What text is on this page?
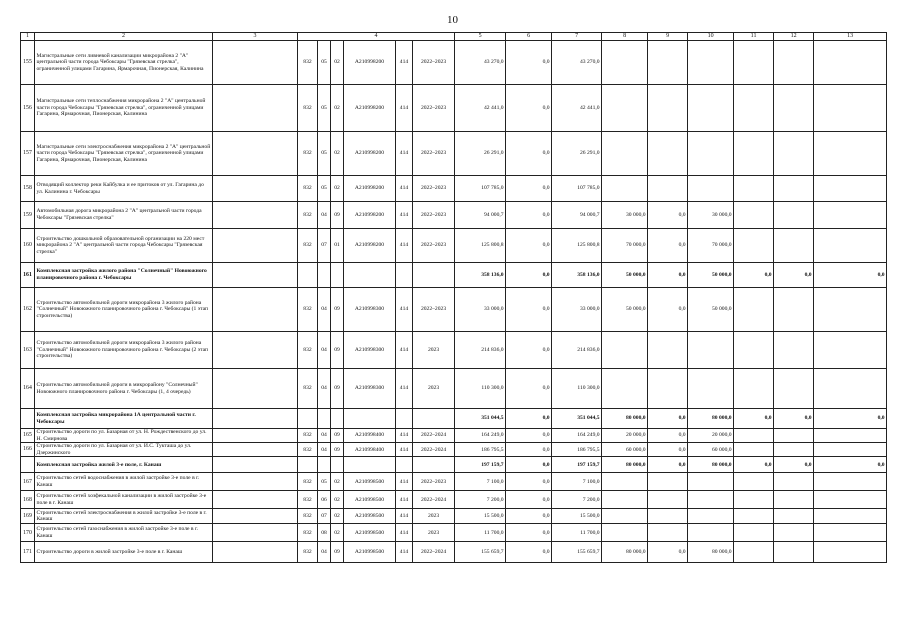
10
1	2	3	4						5	6	7	8	9	10	11	12	13
155	Магистральные сети ливневой канализации микрорайона 2 "А" центральной части города Чебоксары "Грязевская стрелка", ограниченной улицами Гагарина, Ярмарочная, Пионерская, Калинина		832	05	02	A210998200	414	2022–2023	43 270,0	0,0	43 270,0						
156	Магистральные сети теплоснабжения микрорайона 2 "А" центральной части города Чебоксары "Грязевская стрелка", ограниченной улицами Гагарина, Ярмарочная, Пионерская, Калинина		832	05	02	A210998200	414	2022–2023	42 441,0	0,0	42 441,0						
157	Магистральные сети электроснабжения микрорайона 2 "А" центральной части города Чебоксары "Грязевская стрелка", ограниченной улицами Гагарина, Ярмарочная, Пионерская, Калинина		832	05	02	A210998200	414	2022–2023	26 291,0	0,0	26 291,0						
158	Отводящий коллектор реки Кайбулка и ее притоков от ул. Гагарина до ул. Калинина г. Чебоксары		832	05	02	A210998200	414	2022–2023	107 785,0	0,0	107 785,0						
159	Автомобильная дорога микрорайона 2 "А" центральной части города Чебоксары "Грязевская стрелка"		832	04	09	A210998200	414	2022–2023	94 000,7	0,0	94 000,7	30 000,0	0,0	30 000,0			
160	Строительство дошкольной образовательной организации на 220 мест микрорайона 2 "А" центральной части города Чебоксары "Грязевская стрелка"		832	07	01	A210998200	414	2022–2023	125 800,8	0,0	125 800,8	70 000,0	0,0	70 000,0			
161	Комплексная застройка жилого района "Солнечный" Новоюжного планировочного района г. Чебоксары								358 136,0	0,0	358 136,0	50 000,0	0,0	50 000,0	0,0	0,0	0,0
162	Строительство автомобильной дороги микрорайона 3 жилого района "Солнечный" Новоюжного планировочного района г. Чебоксары (1 этап строительства)		832	04	09	A210998300	414	2022–2023	33 000,0	0,0	33 000,0	50 000,0	0,0	50 000,0			
163	Строительство автомобильной дороги микрорайона 3 жилого района "Солнечный" Новоюжного планировочного района г. Чебоксары (2 этап строительства)		832	04	09	A210998300	414	2023	214 836,0	0,0	214 836,0						
164	Строительство автомобильной дороги в микрорайону "Солнечный" Новоюжного планировочного района г. Чебоксары (1, 4 очередь)		832	04	09	A210998300	414	2023	110 300,0	0,0	110 300,0						
	Комплексная застройка микрорайона 1А центральной части г. Чебоксары								351 044,5	0,0	351 044,5	80 000,0	0,0	80 000,0	0,0	0,0	0,0
165	Строительство дороги по ул. Базарная от ул. Н. Рождественского до ул. Н. Смирнова		832	04	09	A210998400	414	2022–2024	164 249,0	0,0	164 249,0	20 000,0	0,0	20 000,0			
166	Строительство дороги по ул. Базарная от ул. И.С. Тукташа до ул. Дзержинского		832	04	09	A210998400	414	2022–2024	186 795,5	0,0	186 795,5	60 000,0	0,0	60 000,0			
	Комплексная застройка жилой 3-е поле, г. Канаш								197 159,7	0,0	197 159,7	80 000,0	0,0	80 000,0	0,0	0,0	0,0
167	Строительство сетей водоснабжения в жилой застройке 3-е поле в г. Канаш		832	05	02	A210998500	414	2022–2023	7 100,0	0,0	7 100,0						
168	Строительство сетей хозфекальной канализации в жилой застройке 3-е поле в г. Канаш		832	06	02	A210998500	414	2022–2024	7 200,0	0,0	7 200,0						
169	Строительство сетей электроснабжения в жилой застройке 3-е поле в г. Канаш		832	07	02	A210998500	414	2023	15 500,0	0,0	15 500,0						
170	Строительство сетей газоснабжения в жилой застройке 3-е поле в г. Канаш		832	08	02	A210998500	414	2023	11 700,0	0,0	11 700,0						
171	Строительство дороги в жилой застройке 3-е поле в г. Канаш		832	04	09	A210998500	414	2022–2024	155 659,7	0,0	155 659,7	80 000,0	0,0	80 000,0			
